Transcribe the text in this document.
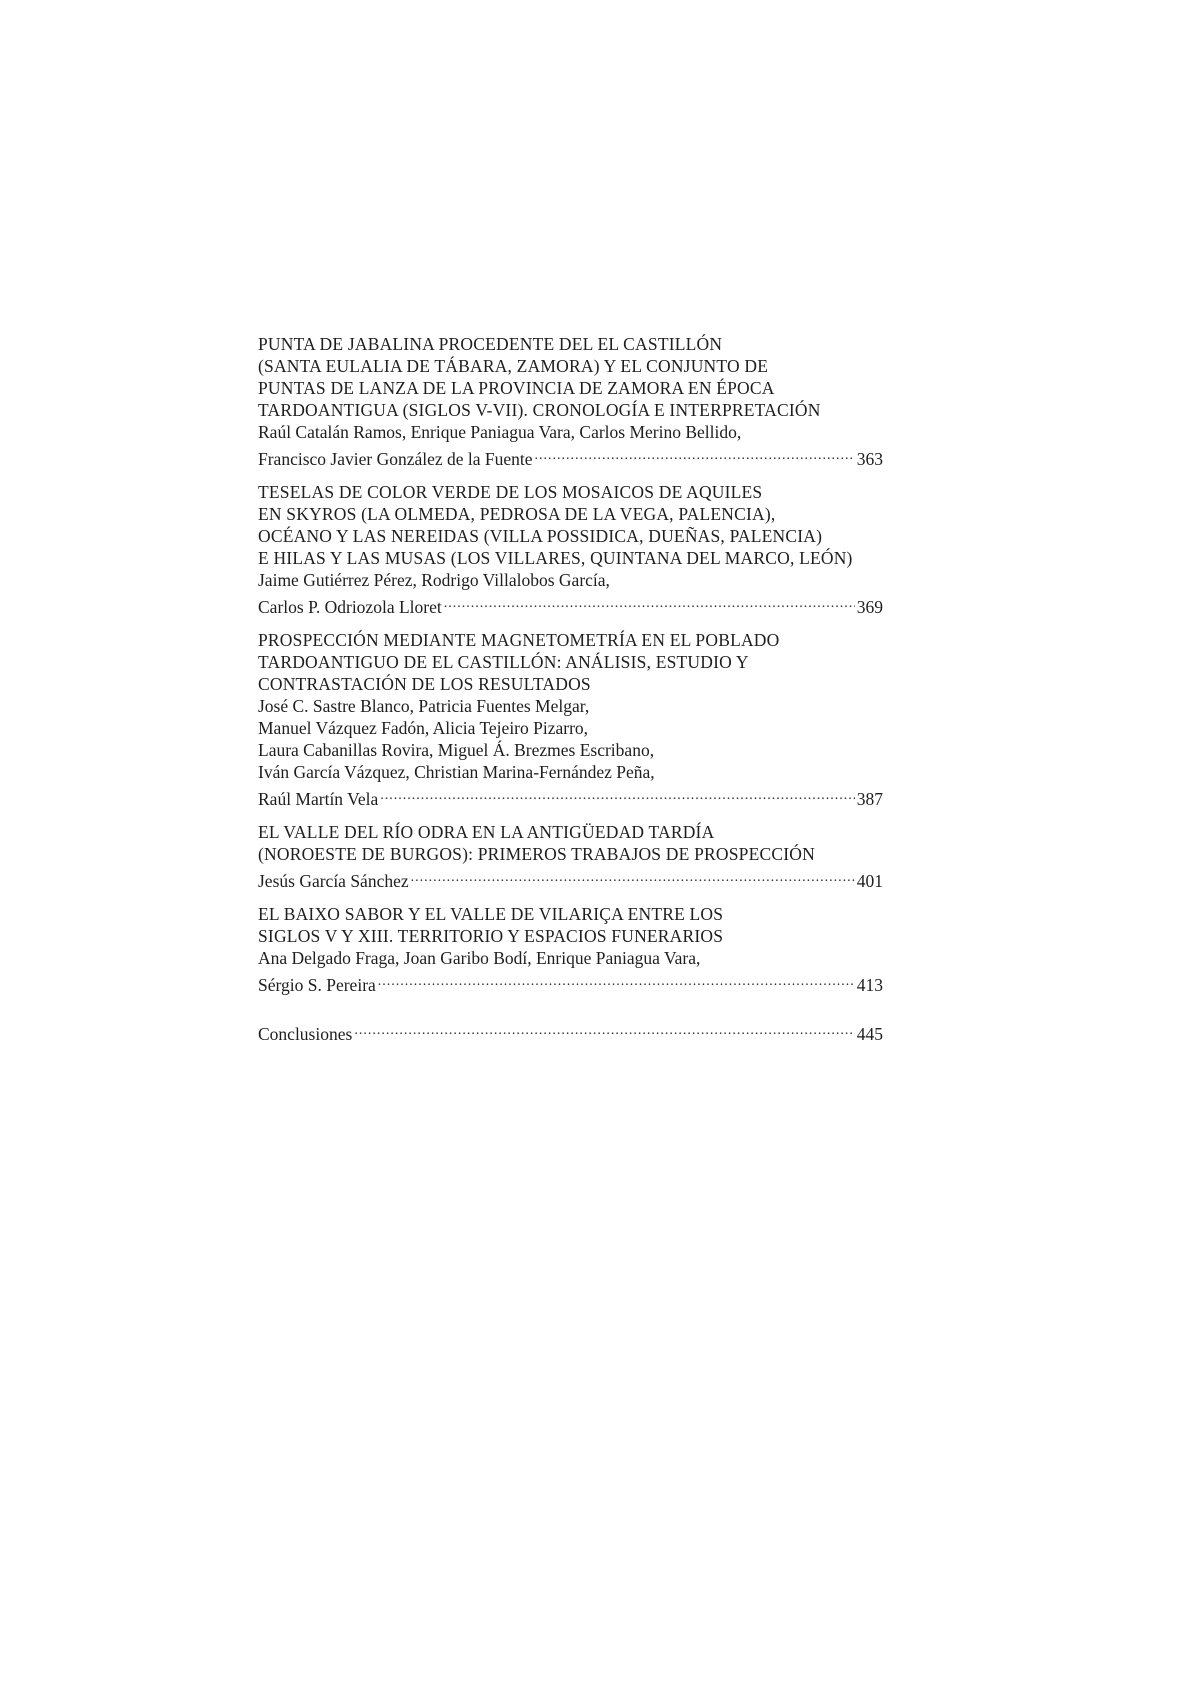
PUNTA DE JABALINA PROCEDENTE DEL EL CASTILLÓN
(SANTA EULALIA DE TÁBARA, ZAMORA) Y EL CONJUNTO DE
PUNTAS DE LANZA DE LA PROVINCIA DE ZAMORA EN ÉPOCA
TARDOANTIGUA (SIGLOS V-VII). CRONOLOGÍA E INTERPRETACIÓN
Raúl Catalán Ramos, Enrique Paniagua Vara, Carlos Merino Bellido,
Francisco Javier González de la Fuente .....	363
TESELAS DE COLOR VERDE DE LOS MOSAICOS DE AQUILES
EN SKYROS (LA OLMEDA, PEDROSA DE LA VEGA, PALENCIA),
OCÉANO Y LAS NEREIDAS (VILLA POSSIDICA, DUEÑAS, PALENCIA)
E HILAS Y LAS MUSAS (LOS VILLARES, QUINTANA DEL MARCO, LEÓN)
Jaime Gutiérrez Pérez, Rodrigo Villalobos García,
Carlos P. Odriozola Lloret .....	369
PROSPECCIÓN MEDIANTE MAGNETOMETRÍA EN EL POBLADO
TARDOANTIGUO DE EL CASTILLÓN: ANÁLISIS, ESTUDIO Y
CONTRASTACIÓN DE LOS RESULTADOS
José C. Sastre Blanco, Patricia Fuentes Melgar,
Manuel Vázquez Fadón, Alicia Tejeiro Pizarro,
Laura Cabanillas Rovira, Miguel Á. Brezmes Escribano,
Iván García Vázquez, Christian Marina-Fernández Peña,
Raúl Martín Vela .....	387
EL VALLE DEL RÍO ODRA EN LA ANTIGÜEDAD TARDÍA
(NOROESTE DE BURGOS): PRIMEROS TRABAJOS DE PROSPECCIÓN
Jesús García Sánchez .....	401
EL BAIXO SABOR Y EL VALLE DE VILARIÇA ENTRE LOS
SIGLOS V Y XIII. TERRITORIO Y ESPACIOS FUNERARIOS
Ana Delgado Fraga, Joan Garibo Bodí, Enrique Paniagua Vara,
Sérgio S. Pereira .....	413
Conclusiones .....	445
